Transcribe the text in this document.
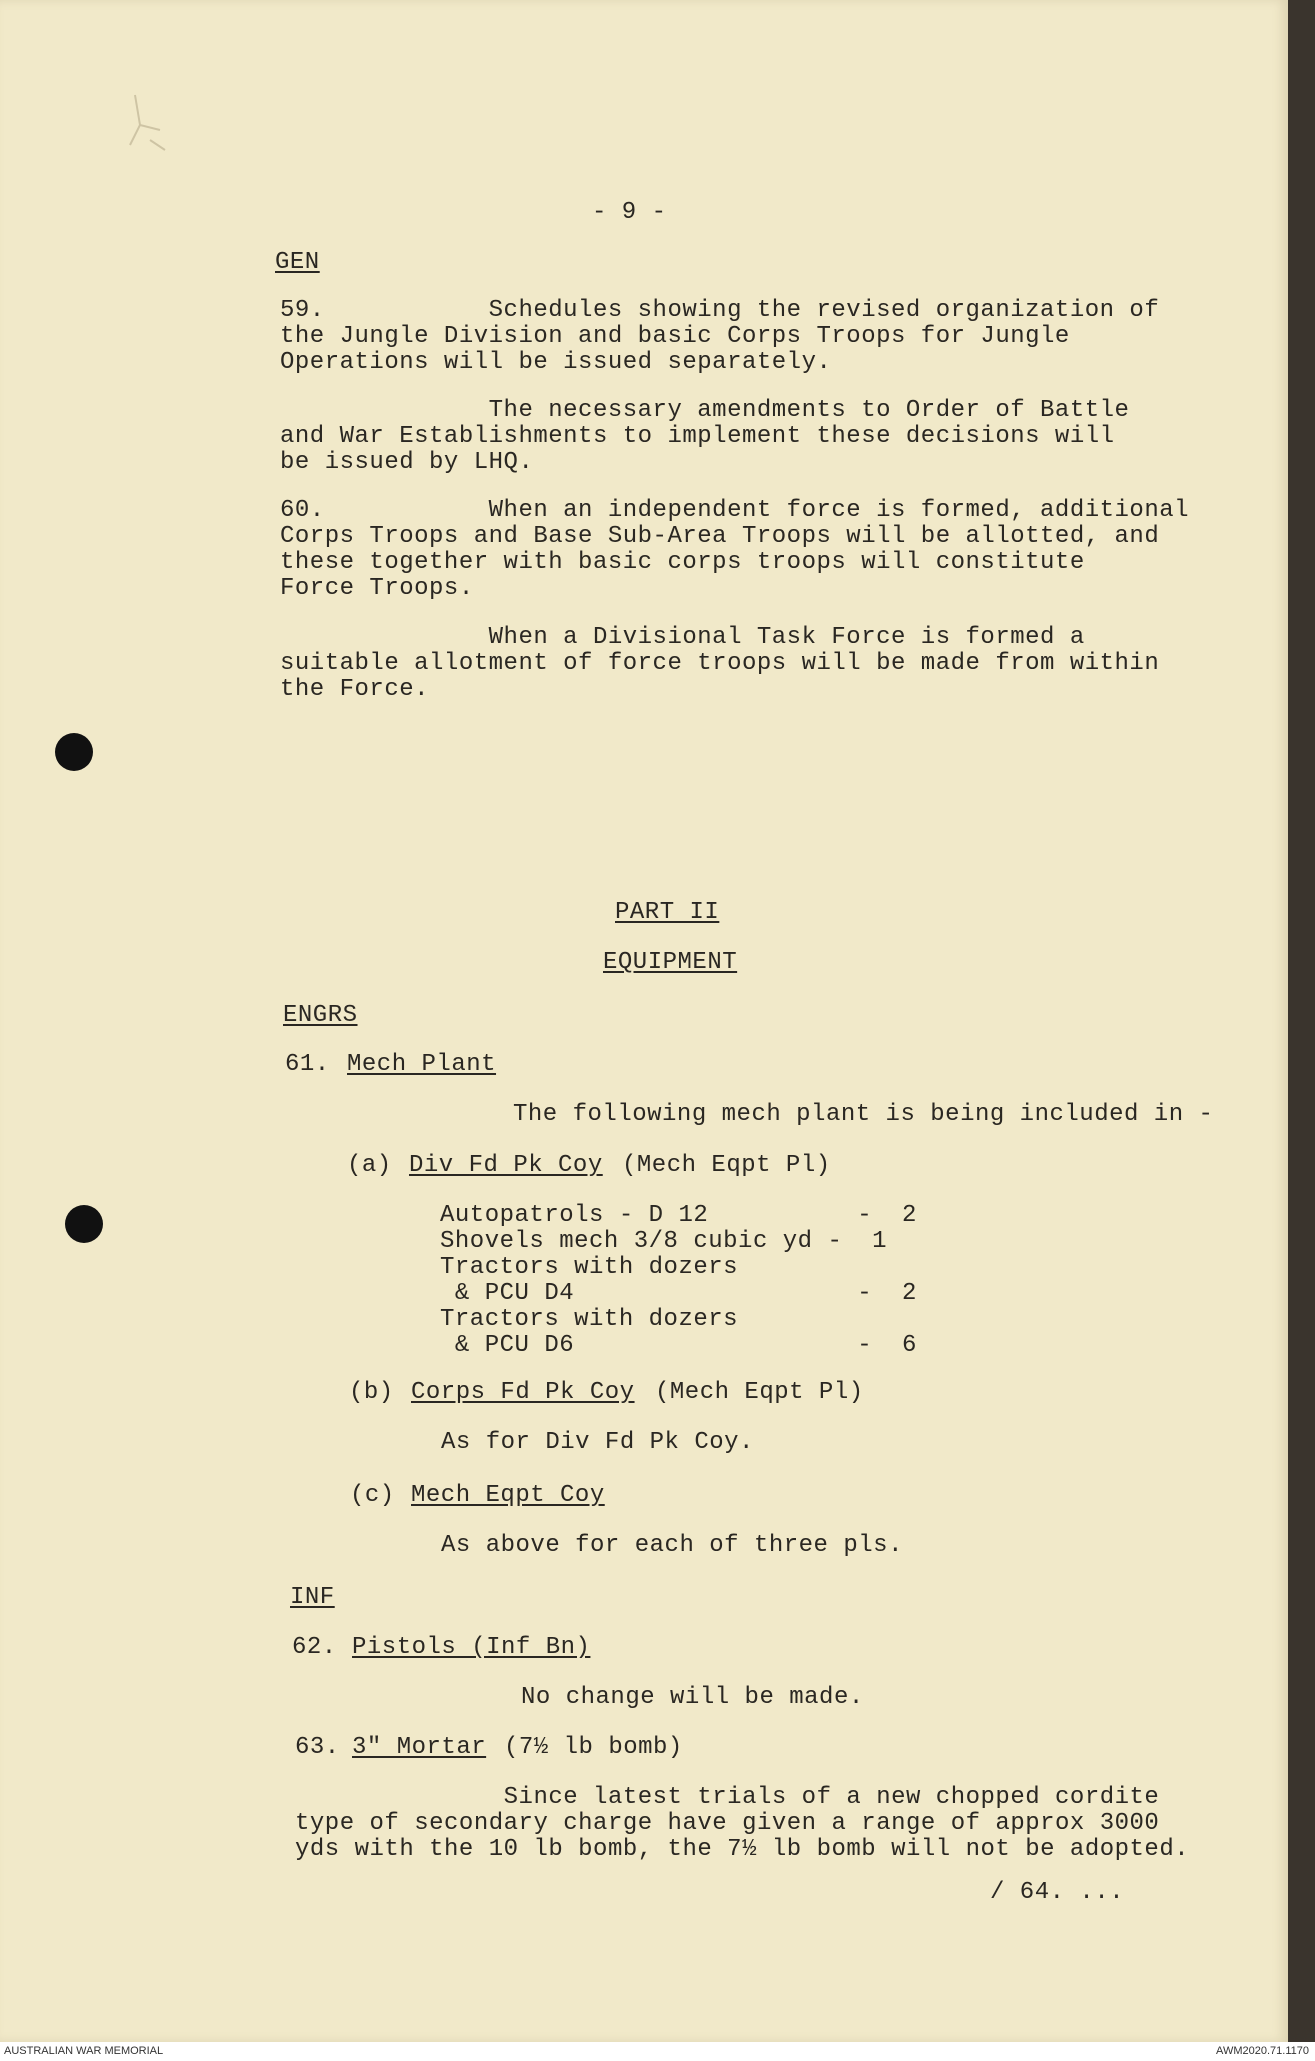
- 9 -
GEN
59.           Schedules showing the revised organization of
the Jungle Division and basic Corps Troops for Jungle
Operations will be issued separately.
The necessary amendments to Order of Battle
and War Establishments to implement these decisions will
be issued by LHQ.
60.           When an independent force is formed, additional
Corps Troops and Base Sub-Area Troops will be allotted, and
these together with basic corps troops will constitute
Force Troops.
When a Divisional Task Force is formed a
suitable allotment of force troops will be made from within
the Force.
PART II
EQUIPMENT
ENGRS
61. Mech Plant
The following mech plant is being included in -
(a) Div Fd Pk Coy (Mech Eqpt Pl)
Autopatrols - D 12          -  2
Shovels mech 3/8 cubic yd -  1
Tractors with dozers
& PCU D4                   -  2
Tractors with dozers
& PCU D6                   -  6
(b) Corps Fd Pk Coy (Mech Eqpt Pl)
As for Div Fd Pk Coy.
(c) Mech Eqpt Coy
As above for each of three pls.
INF
62. Pistols (Inf Bn)
No change will be made.
63. 3" Mortar (7½ lb bomb)
Since latest trials of a new chopped cordite
type of secondary charge have given a range of approx 3000
yds with the 10 lb bomb, the 7½ lb bomb will not be adopted.
/ 64. ...
AUSTRALIAN WAR MEMORIAL	AWM2020.71.1170
